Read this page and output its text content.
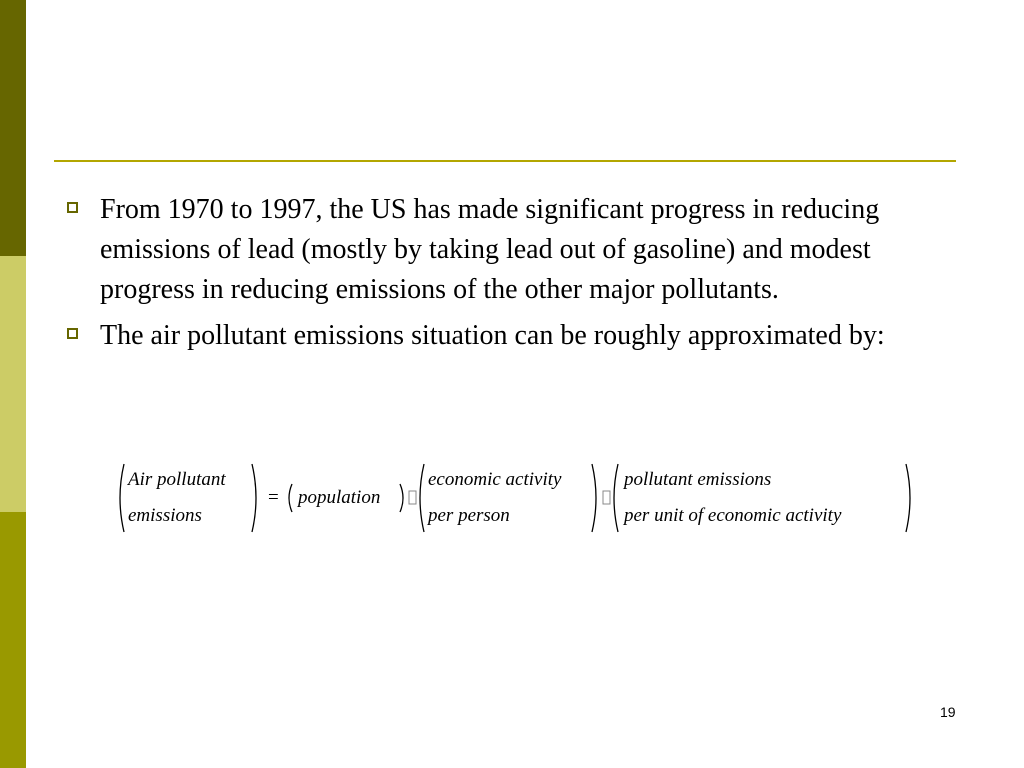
From 1970 to 1997, the US has made significant progress in reducing emissions of lead (mostly by taking lead out of gasoline) and modest progress in reducing emissions of the other major pollutants.
The air pollutant emissions situation can be roughly approximated by:
Air pollutant
emissions
= population
economic activity
per person
pollutant emissions
per unit of economic activity
19
